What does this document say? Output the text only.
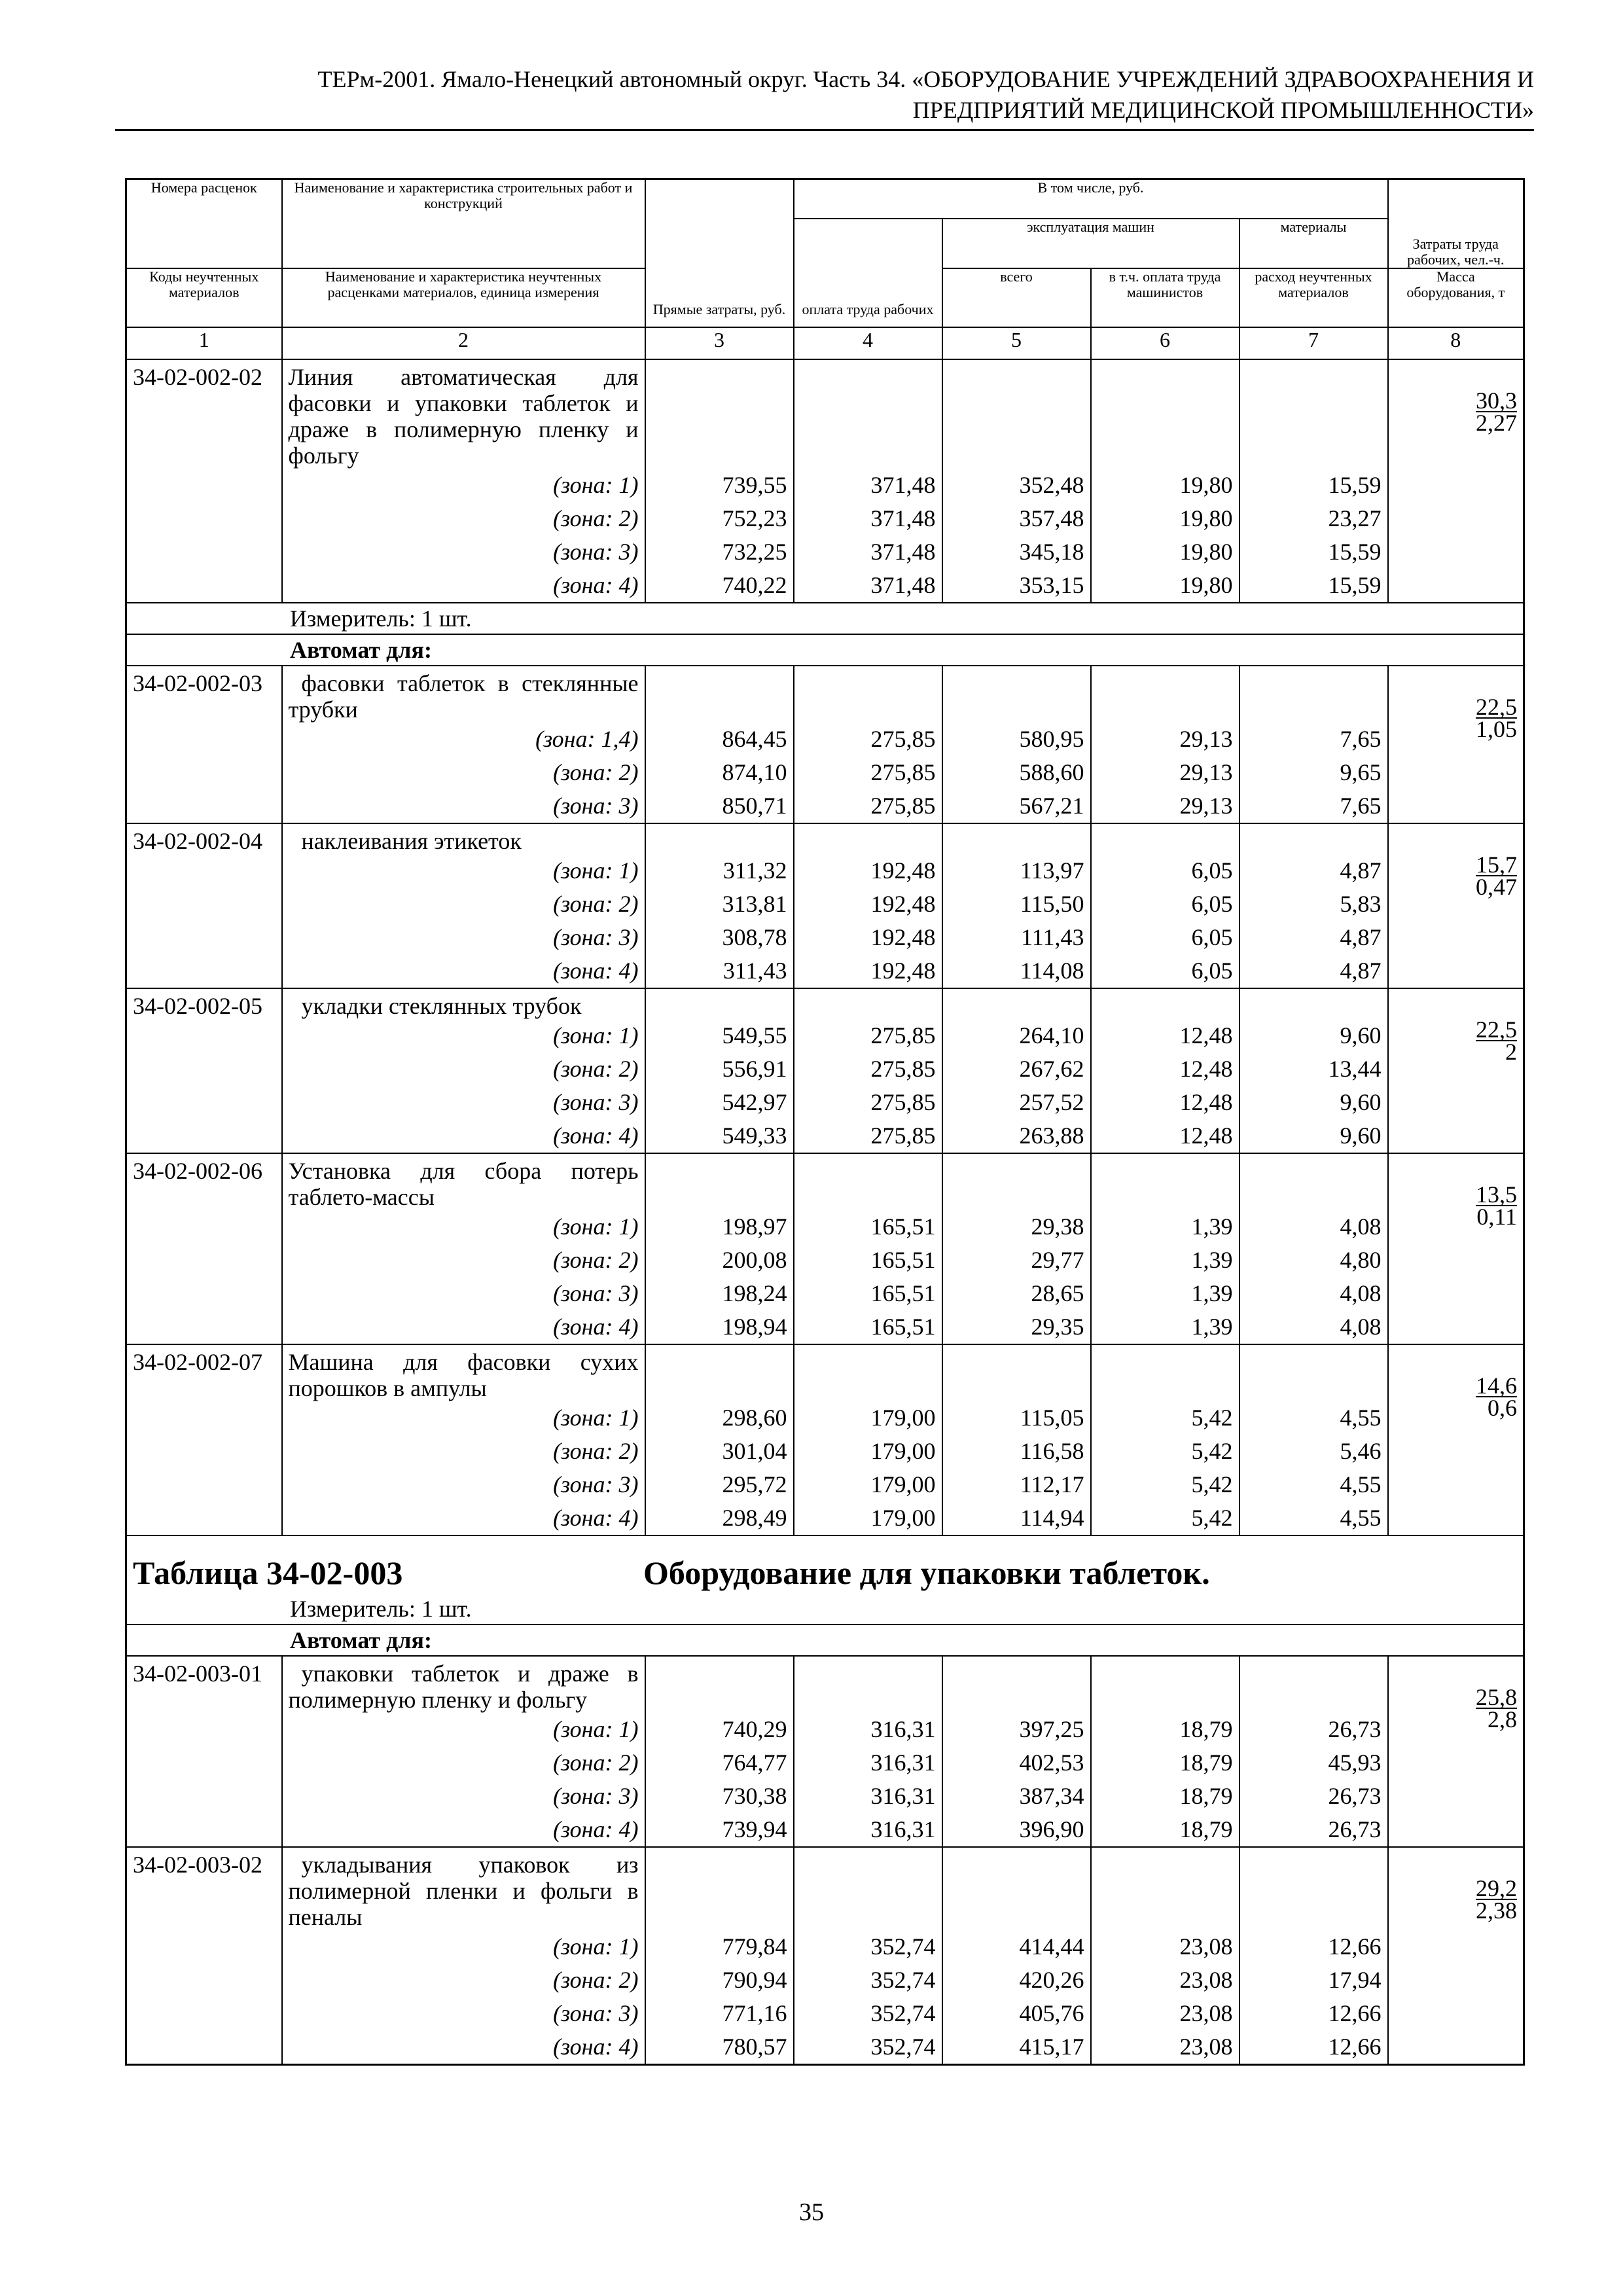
ТЕРм-2001. Ямало-Ненецкий автономный округ. Часть 34. «ОБОРУДОВАНИЕ УЧРЕЖДЕНИЙ ЗДРАВООХРАНЕНИЯ И
ПРЕДПРИЯТИЙ МЕДИЦИНСКОЙ ПРОМЫШЛЕННОСТИ»
Номера расценок	Наименование и характеристика строительных работ и конструкций	Прямые затраты, руб.	В том числе, руб.				Затраты труда рабочих, чел.-ч.
			оплата труда рабочих	эксплуатация машин		материалы	
				всего	в т.ч. оплата труда машинистов	расход неучтенных материалов	
Коды неучтенных материалов	Наименование и характеристика неучтенных расценками материалов, единица измерения						Масса оборудования, т

1	2	3	4	5	6	7	8
34-02-002-02	Линия автоматическая для фасовки и упаковки таблеток и драже в полимерную пленку и фольгу						$\frac{30,3}{2,27}$

	(зона: 1)	739,55	371,48	352,48	19,80	15,59	
	(зона: 2)	752,23	371,48	357,48	19,80	23,27	
	(зона: 3)	732,25	371,48	345,18	19,80	15,59	
	(зона: 4)	740,22	371,48	353,15	19,80	15,59	

Измеритель: 1 шт.							

Автомат для:							

34-02-002-03	фасовки таблеток в стеклянные трубки						$\frac{22,5}{1,05}$

	(зона: 1,4)	864,45	275,85	580,95	29,13	7,65	
	(зона: 2)	874,10	275,85	588,60	29,13	9,65	
	(зона: 3)	850,71	275,85	567,21	29,13	7,65	
34-02-002-04	наклеивания этикеток						$\frac{15,7}{0,47}$

	(зона: 1)	311,32	192,48	113,97	6,05	4,87	
	(зона: 2)	313,81	192,48	115,50	6,05	5,83	
	(зона: 3)	308,78	192,48	111,43	6,05	4,87	
	(зона: 4)	311,43	192,48	114,08	6,05	4,87	
34-02-002-05	укладки стеклянных трубок						$\frac{22,5}{2}$

	(зона: 1)	549,55	275,85	264,10	12,48	9,60	
	(зона: 2)	556,91	275,85	267,62	12,48	13,44	
	(зона: 3)	542,97	275,85	257,52	12,48	9,60	
	(зона: 4)	549,33	275,85	263,88	12,48	9,60	
34-02-002-06	Установка для сбора потерь таблето-массы						$\frac{13,5}{0,11}$

	(зона: 1)	198,97	165,51	29,38	1,39	4,08	
	(зона: 2)	200,08	165,51	29,77	1,39	4,80	
	(зона: 3)	198,24	165,51	28,65	1,39	4,08	
	(зона: 4)	198,94	165,51	29,35	1,39	4,08	
34-02-002-07	Машина для фасовки сухих порошков в ампулы						$\frac{14,6}{0,6}$

	(зона: 1)	298,60	179,00	115,05	5,42	4,55	
	(зона: 2)	301,04	179,00	116,58	5,42	5,46	
	(зона: 3)	295,72	179,00	112,17	5,42	4,55	
	(зона: 4)	298,49	179,00	114,94	5,42	4,55	

Таблица 34-02-003 Оборудование для упаковки таблеток.
Измеритель: 1 шт.							

Автомат для:							

34-02-003-01	упаковки таблеток и драже в полимерную пленку и фольгу						$\frac{25,8}{2,8}$

	(зона: 1)	740,29	316,31	397,25	18,79	26,73	
	(зона: 2)	764,77	316,31	402,53	18,79	45,93	
	(зона: 3)	730,38	316,31	387,34	18,79	26,73	
	(зона: 4)	739,94	316,31	396,90	18,79	26,73	
34-02-003-02	укладывания упаковок из полимерной пленки и фольги в пеналы						$\frac{29,2}{2,38}$

	(зона: 1)	779,84	352,74	414,44	23,08	12,66	
	(зона: 2)	790,94	352,74	420,26	23,08	17,94	
	(зона: 3)	771,16	352,74	405,76	23,08	12,66	
	(зона: 4)	780,57	352,74	415,17	23,08	12,66	
35
